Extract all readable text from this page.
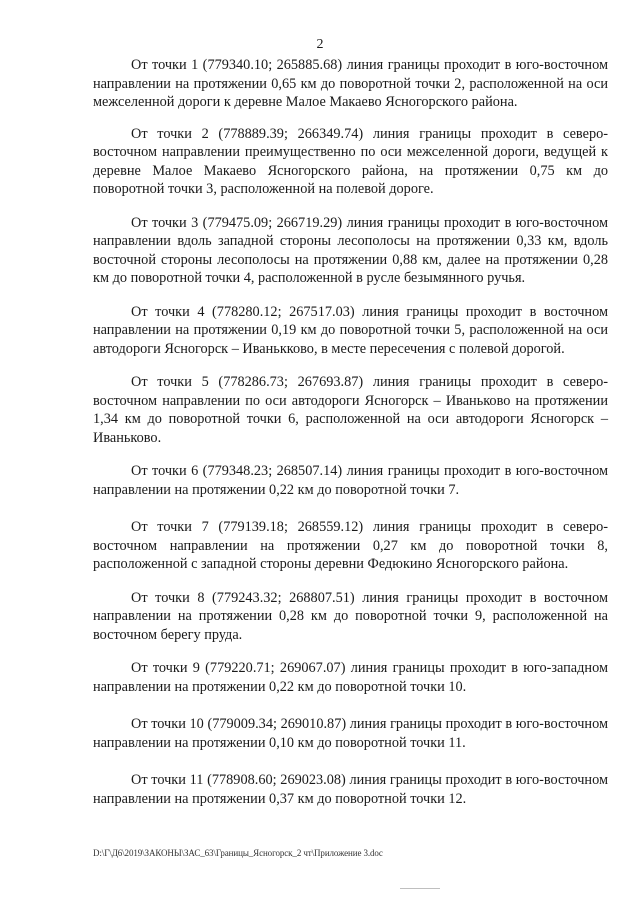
2

От точки 1 (779340.10; 265885.68) линия границы проходит в юго-восточном направлении на протяжении 0,65 км до поворотной точки 2, расположенной на оси межселенной дороги к деревне Малое Макаево Ясногорского района.

От точки 2 (778889.39; 266349.74) линия границы проходит в северо-восточном направлении преимущественно по оси межселенной дороги, ведущей к деревне Малое Макаево Ясногорского района, на протяжении 0,75 км до поворотной точки 3, расположенной на полевой дороге.

От точки 3 (779475.09; 266719.29) линия границы проходит в юго-восточном направлении вдоль западной стороны лесополосы на протяжении 0,33 км, вдоль восточной стороны лесополосы на протяжении 0,88 км, далее на протяжении 0,28 км до поворотной точки 4, расположенной в русле безымянного ручья.

От точки 4 (778280.12; 267517.03) линия границы проходит в восточном направлении на протяжении 0,19 км до поворотной точки 5, расположенной на оси автодороги Ясногорск – Иванькково, в месте пересечения с полевой дорогой.

От точки 5 (778286.73; 267693.87) линия границы проходит в северо-восточном направлении по оси автодороги Ясногорск – Иваньково на протяжении 1,34 км до поворотной точки 6, расположенной на оси автодороги Ясногорск – Иваньково.

От точки 6 (779348.23; 268507.14) линия границы проходит в юго-восточном направлении на протяжении 0,22 км до поворотной точки 7.

От точки 7 (779139.18; 268559.12) линия границы проходит в северо-восточном направлении на протяжении 0,27 км до поворотной точки 8, расположенной с западной стороны деревни Федюкино Ясногорского района.

От точки 8 (779243.32; 268807.51) линия границы проходит в восточном направлении на протяжении 0,28 км до поворотной точки 9, расположенной на восточном берегу пруда.

От точки 9 (779220.71; 269067.07) линия границы проходит в юго-западном направлении на протяжении 0,22 км до поворотной точки 10.

От точки 10 (779009.34; 269010.87) линия границы проходит в юго-восточном направлении на протяжении 0,10 км до поворотной точки 11.

От точки 11 (778908.60; 269023.08) линия границы проходит в юго-восточном направлении на протяжении 0,37 км до поворотной точки 12.

D:\Г\Д6\2019\ЗАКОНЫ\ЗАС_63\Границы_Ясногорск_2 чт\Приложение 3.doc
